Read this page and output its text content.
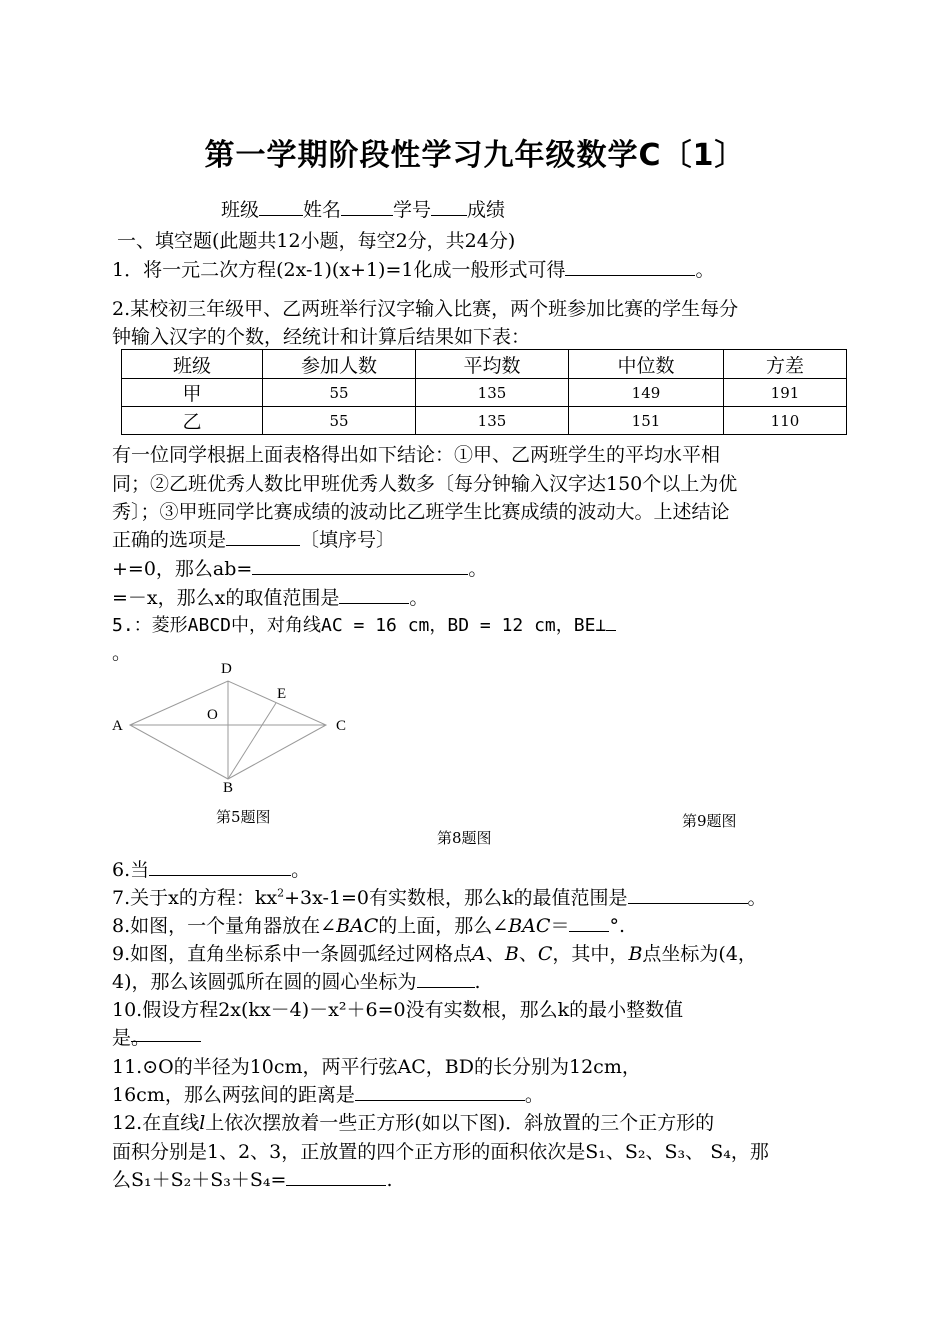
第一学期阶段性学习九年级数学C〔1〕
班级 姓名	学号 成绩
一、填空题(此题共12小题，每空2分，共24分)
1．将一元二次方程(2x-1)(x+1)=1化成一般形式可得	。
2.某校初三年级甲、乙两班举行汉字输入比赛，两个班参加比赛的学生每分
钟输入汉字的个数，经统计和计算后结果如下表：
班级	参加人数	平均数	中位数	方差
甲	55	135	149	191
乙	55	135	151	110
有一位同学根据上面表格得出如下结论：①甲、乙两班学生的平均水平相
同；②乙班优秀人数比甲班优秀人数多〔每分钟输入汉字达150个以上为优
秀〕；③甲班同学比赛成绩的波动比乙班学生比赛成绩的波动大。上述结论
正确的选项是	〔填序号〕
+=0，那么ab=	。
=－x，那么x的取值范围是	。
5.：菱形ABCD中，对角线AC = 16 cm，BD = 12 cm，BE⊥
。
A
D
C
B
E
O
第5题图	第9题图
第8题图
6.当	。
7.关于x的方程：$kx^2+3x-1=0$有实数根，那么k的最值范围是	。
8.如图，一个量角器放在∠BAC的上面，那么∠BAC＝ °.
9.如图，直角坐标系中一条圆弧经过网格点A、B、C，其中，B点坐标为(4，
4)，那么该圆弧所在圆的圆心坐标为	.
10.假设方程2x(kx－4)－x²＋6=0没有实数根，那么k的最小整数值
是。
11.⊙O的半径为10cm，两平行弦AC，BD的长分别为12cm，
16cm，那么两弦间的距离是	。
12.在直线l上依次摆放着一些正方形(如以下图)．斜放置的三个正方形的
面积分别是1、2、3，正放置的四个正方形的面积依次是S₁、S₂、S₃、 S₄，那
么S₁＋S₂＋S₃＋S₄=	.
